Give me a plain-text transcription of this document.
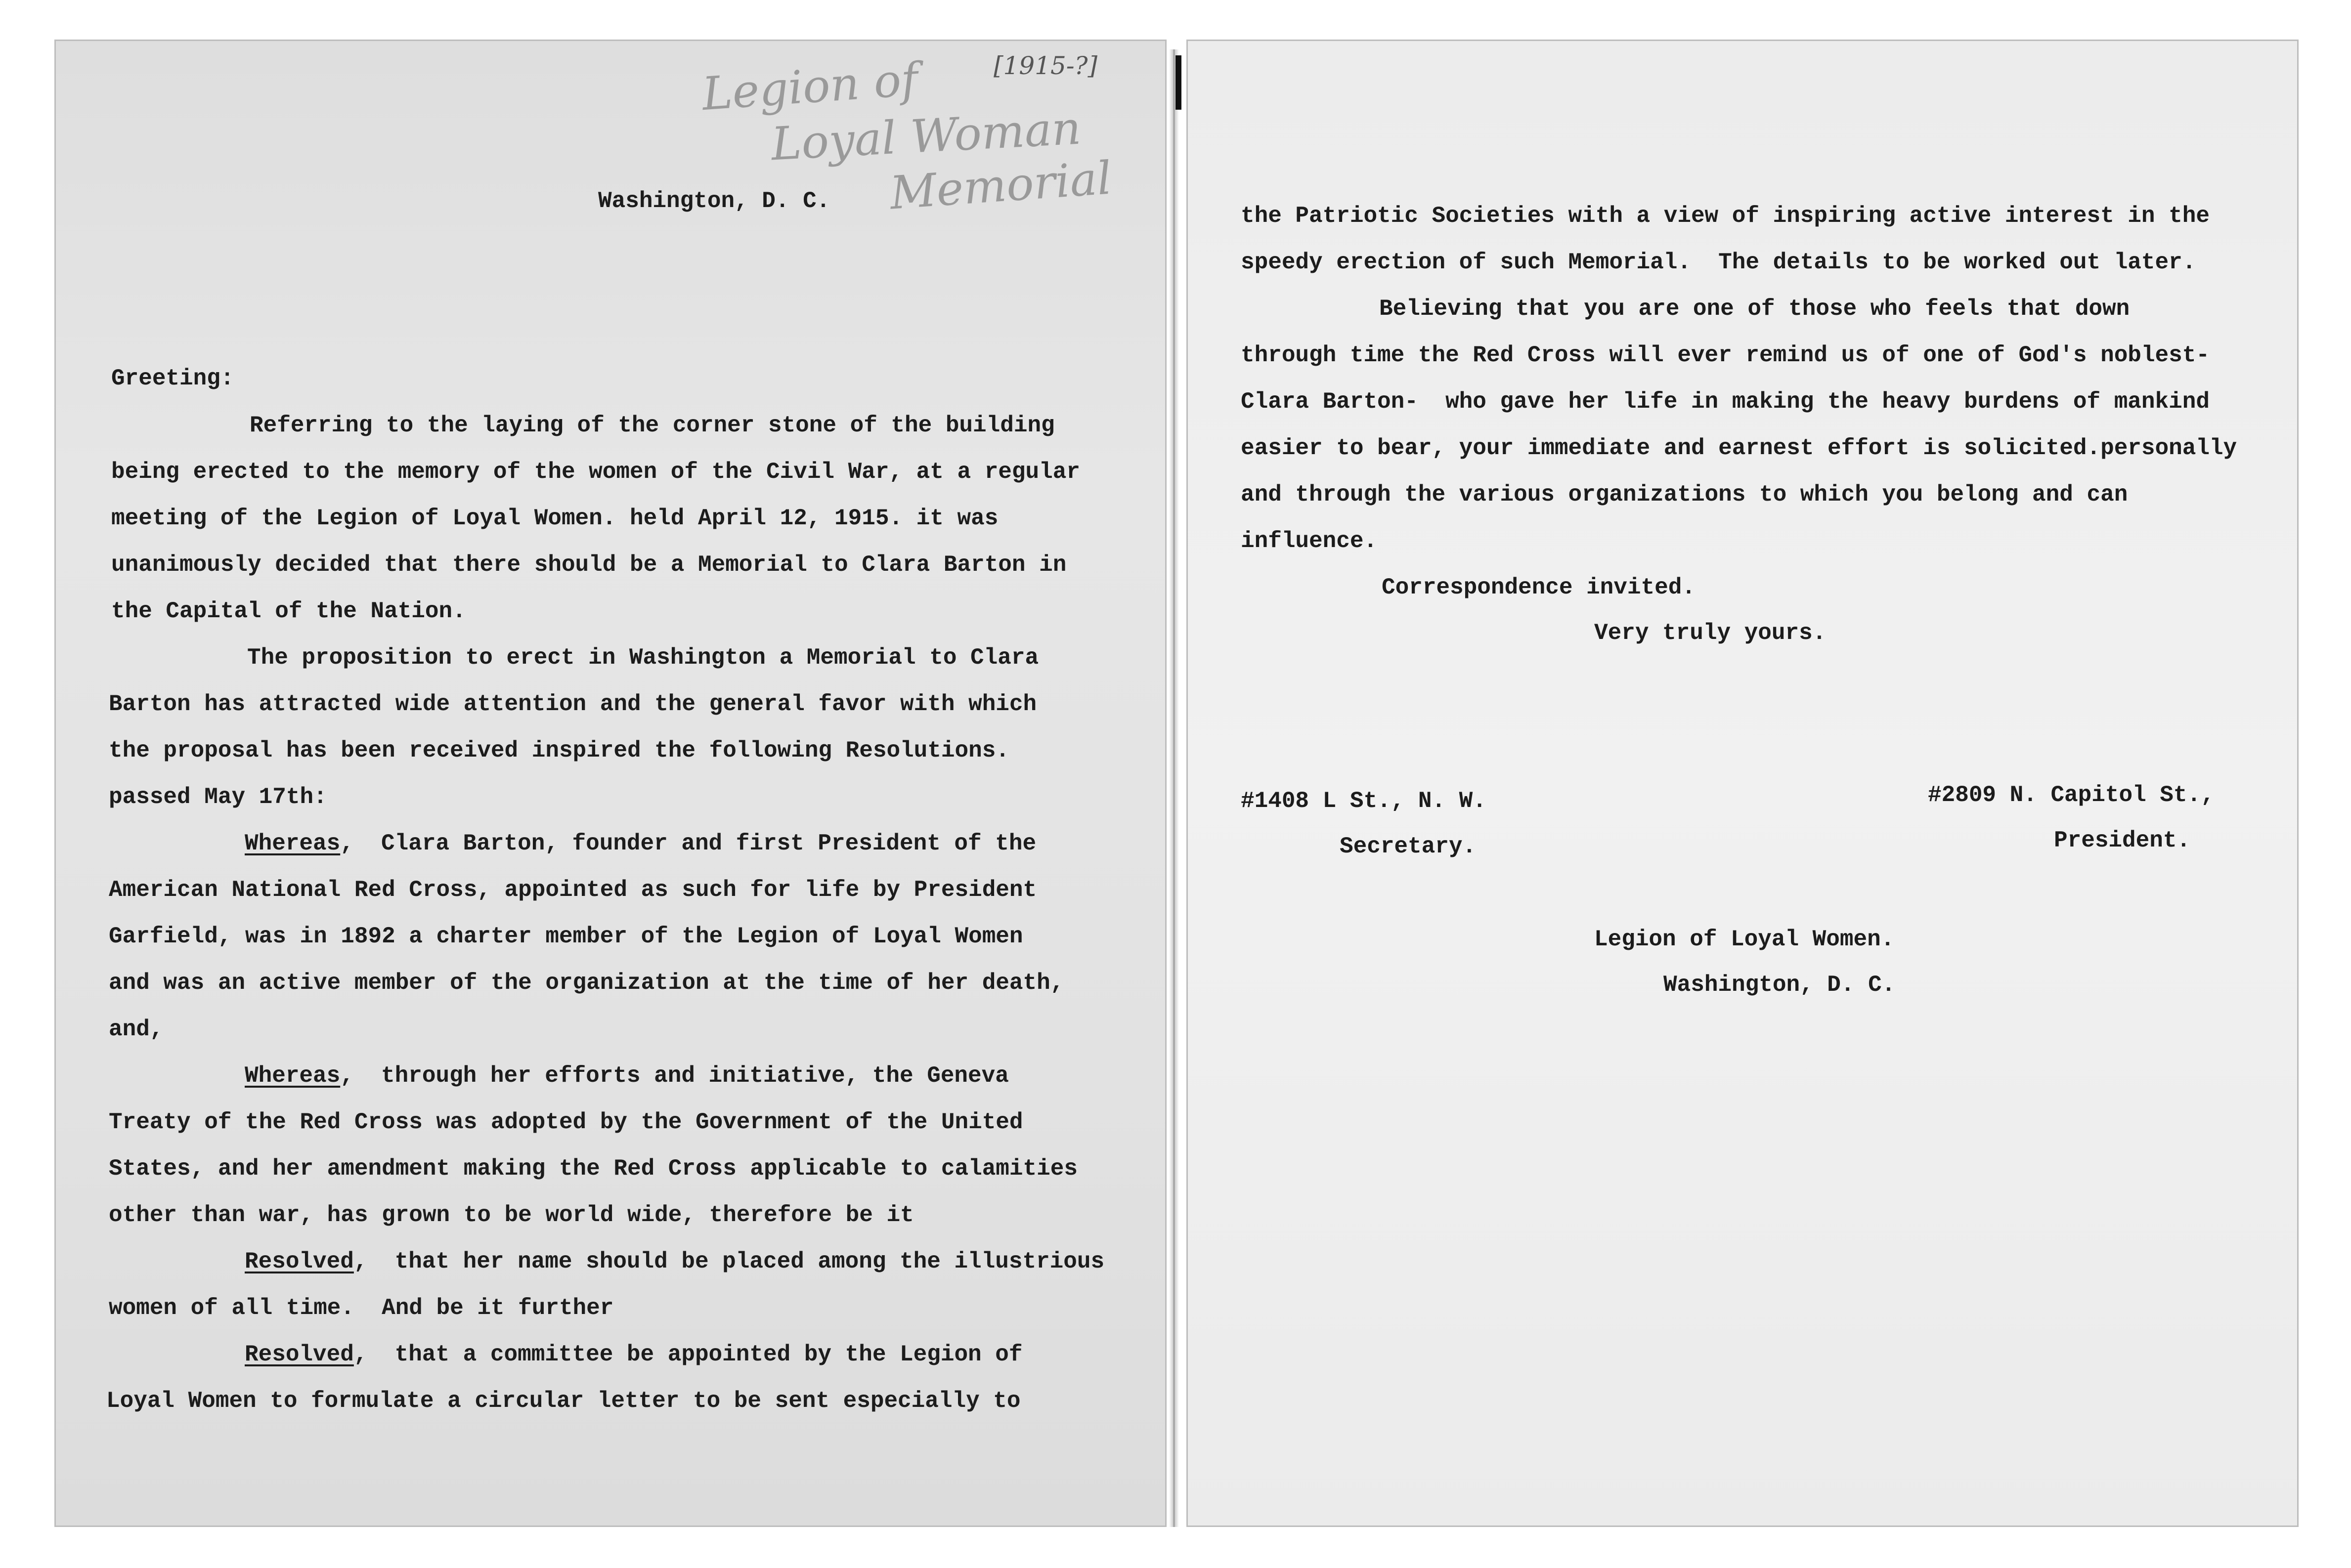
[1915-?]

Legion of

Loyal Woman

Memorial

Washington, D. C.

Greeting:

Referring to the laying of the corner stone of the building

being erected to the memory of the women of the Civil War, at a regular

meeting of the Legion of Loyal Women. held April 12, 1915. it was

unanimously decided that there should be a Memorial to Clara Barton in

the Capital of the Nation.

The proposition to erect in Washington a Memorial to Clara

Barton has attracted wide attention and the general favor with which

the proposal has been received inspired the following Resolutions.

passed May 17th:

Whereas,  Clara Barton, founder and first President of the

American National Red Cross, appointed as such for life by President

Garfield, was in 1892 a charter member of the Legion of Loyal Women

and was an active member of the organization at the time of her death,

and,

Whereas,  through her efforts and initiative, the Geneva

Treaty of the Red Cross was adopted by the Government of the United

States, and her amendment making the Red Cross applicable to calamities

other than war, has grown to be world wide, therefore be it

Resolved,  that her name should be placed among the illustrious

women of all time.  And be it further

Resolved,  that a committee be appointed by the Legion of

Loyal Women to formulate a circular letter to be sent especially to

the Patriotic Societies with a view of inspiring active interest in the

speedy erection of such Memorial.  The details to be worked out later.

Believing that you are one of those who feels that down

through time the Red Cross will ever remind us of one of God's noblest-

Clara Barton-  who gave her life in making the heavy burdens of mankind

easier to bear, your immediate and earnest effort is solicited.personally

and through the various organizations to which you belong and can

influence.

Correspondence invited.

Very truly yours.

#1408 L St., N. W.

Secretary.

#2809 N. Capitol St.,

President.

Legion of Loyal Women.

Washington, D. C.
